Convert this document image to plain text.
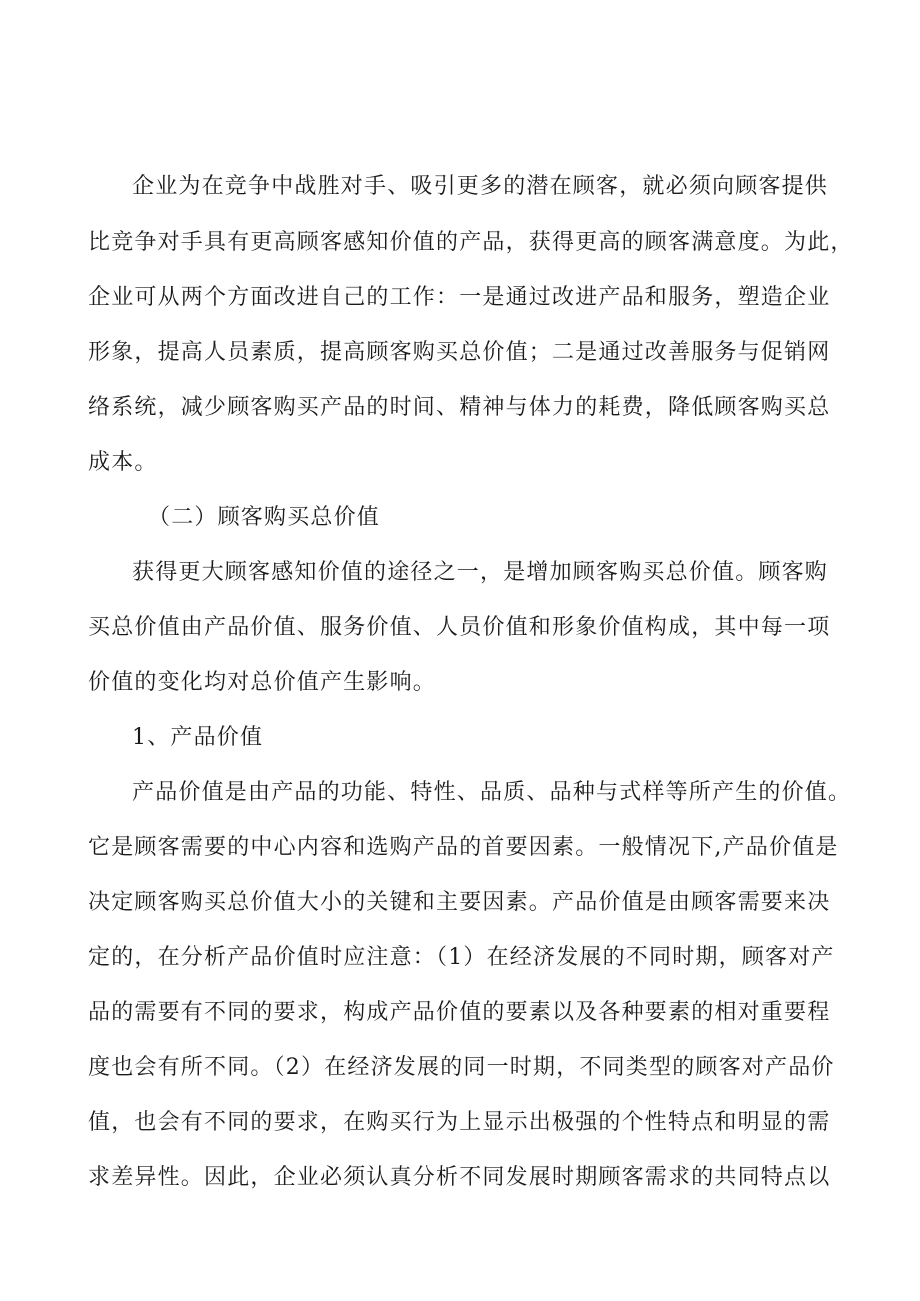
企业为在竞争中战胜对手、吸引更多的潜在顾客，就必须向顾客提供
比竞争对手具有更高顾客感知价值的产品，获得更高的顾客满意度。为此，
企业可从两个方面改进自己的工作：一是通过改进产品和服务，塑造企业
形象，提高人员素质，提高顾客购买总价值；二是通过改善服务与促销网
络系统，减少顾客购买产品的时间、精神与体力的耗费，降低顾客购买总
成本。
（二）顾客购买总价值
获得更大顾客感知价值的途径之一，是增加顾客购买总价值。顾客购
买总价值由产品价值、服务价值、人员价值和形象价值构成，其中每一项
价值的变化均对总价值产生影响。
1、产品价值
产品价值是由产品的功能、特性、品质、品种与式样等所产生的价值。
它是顾客需要的中心内容和选购产品的首要因素。一般情况下,产品价值是
决定顾客购买总价值大小的关键和主要因素。产品价值是由顾客需要来决
定的，在分析产品价值时应注意：（1）在经济发展的不同时期，顾客对产
品的需要有不同的要求，构成产品价值的要素以及各种要素的相对重要程
度也会有所不同。（2）在经济发展的同一时期，不同类型的顾客对产品价
值，也会有不同的要求，在购买行为上显示出极强的个性特点和明显的需
求差异性。因此，企业必须认真分析不同发展时期顾客需求的共同特点以
